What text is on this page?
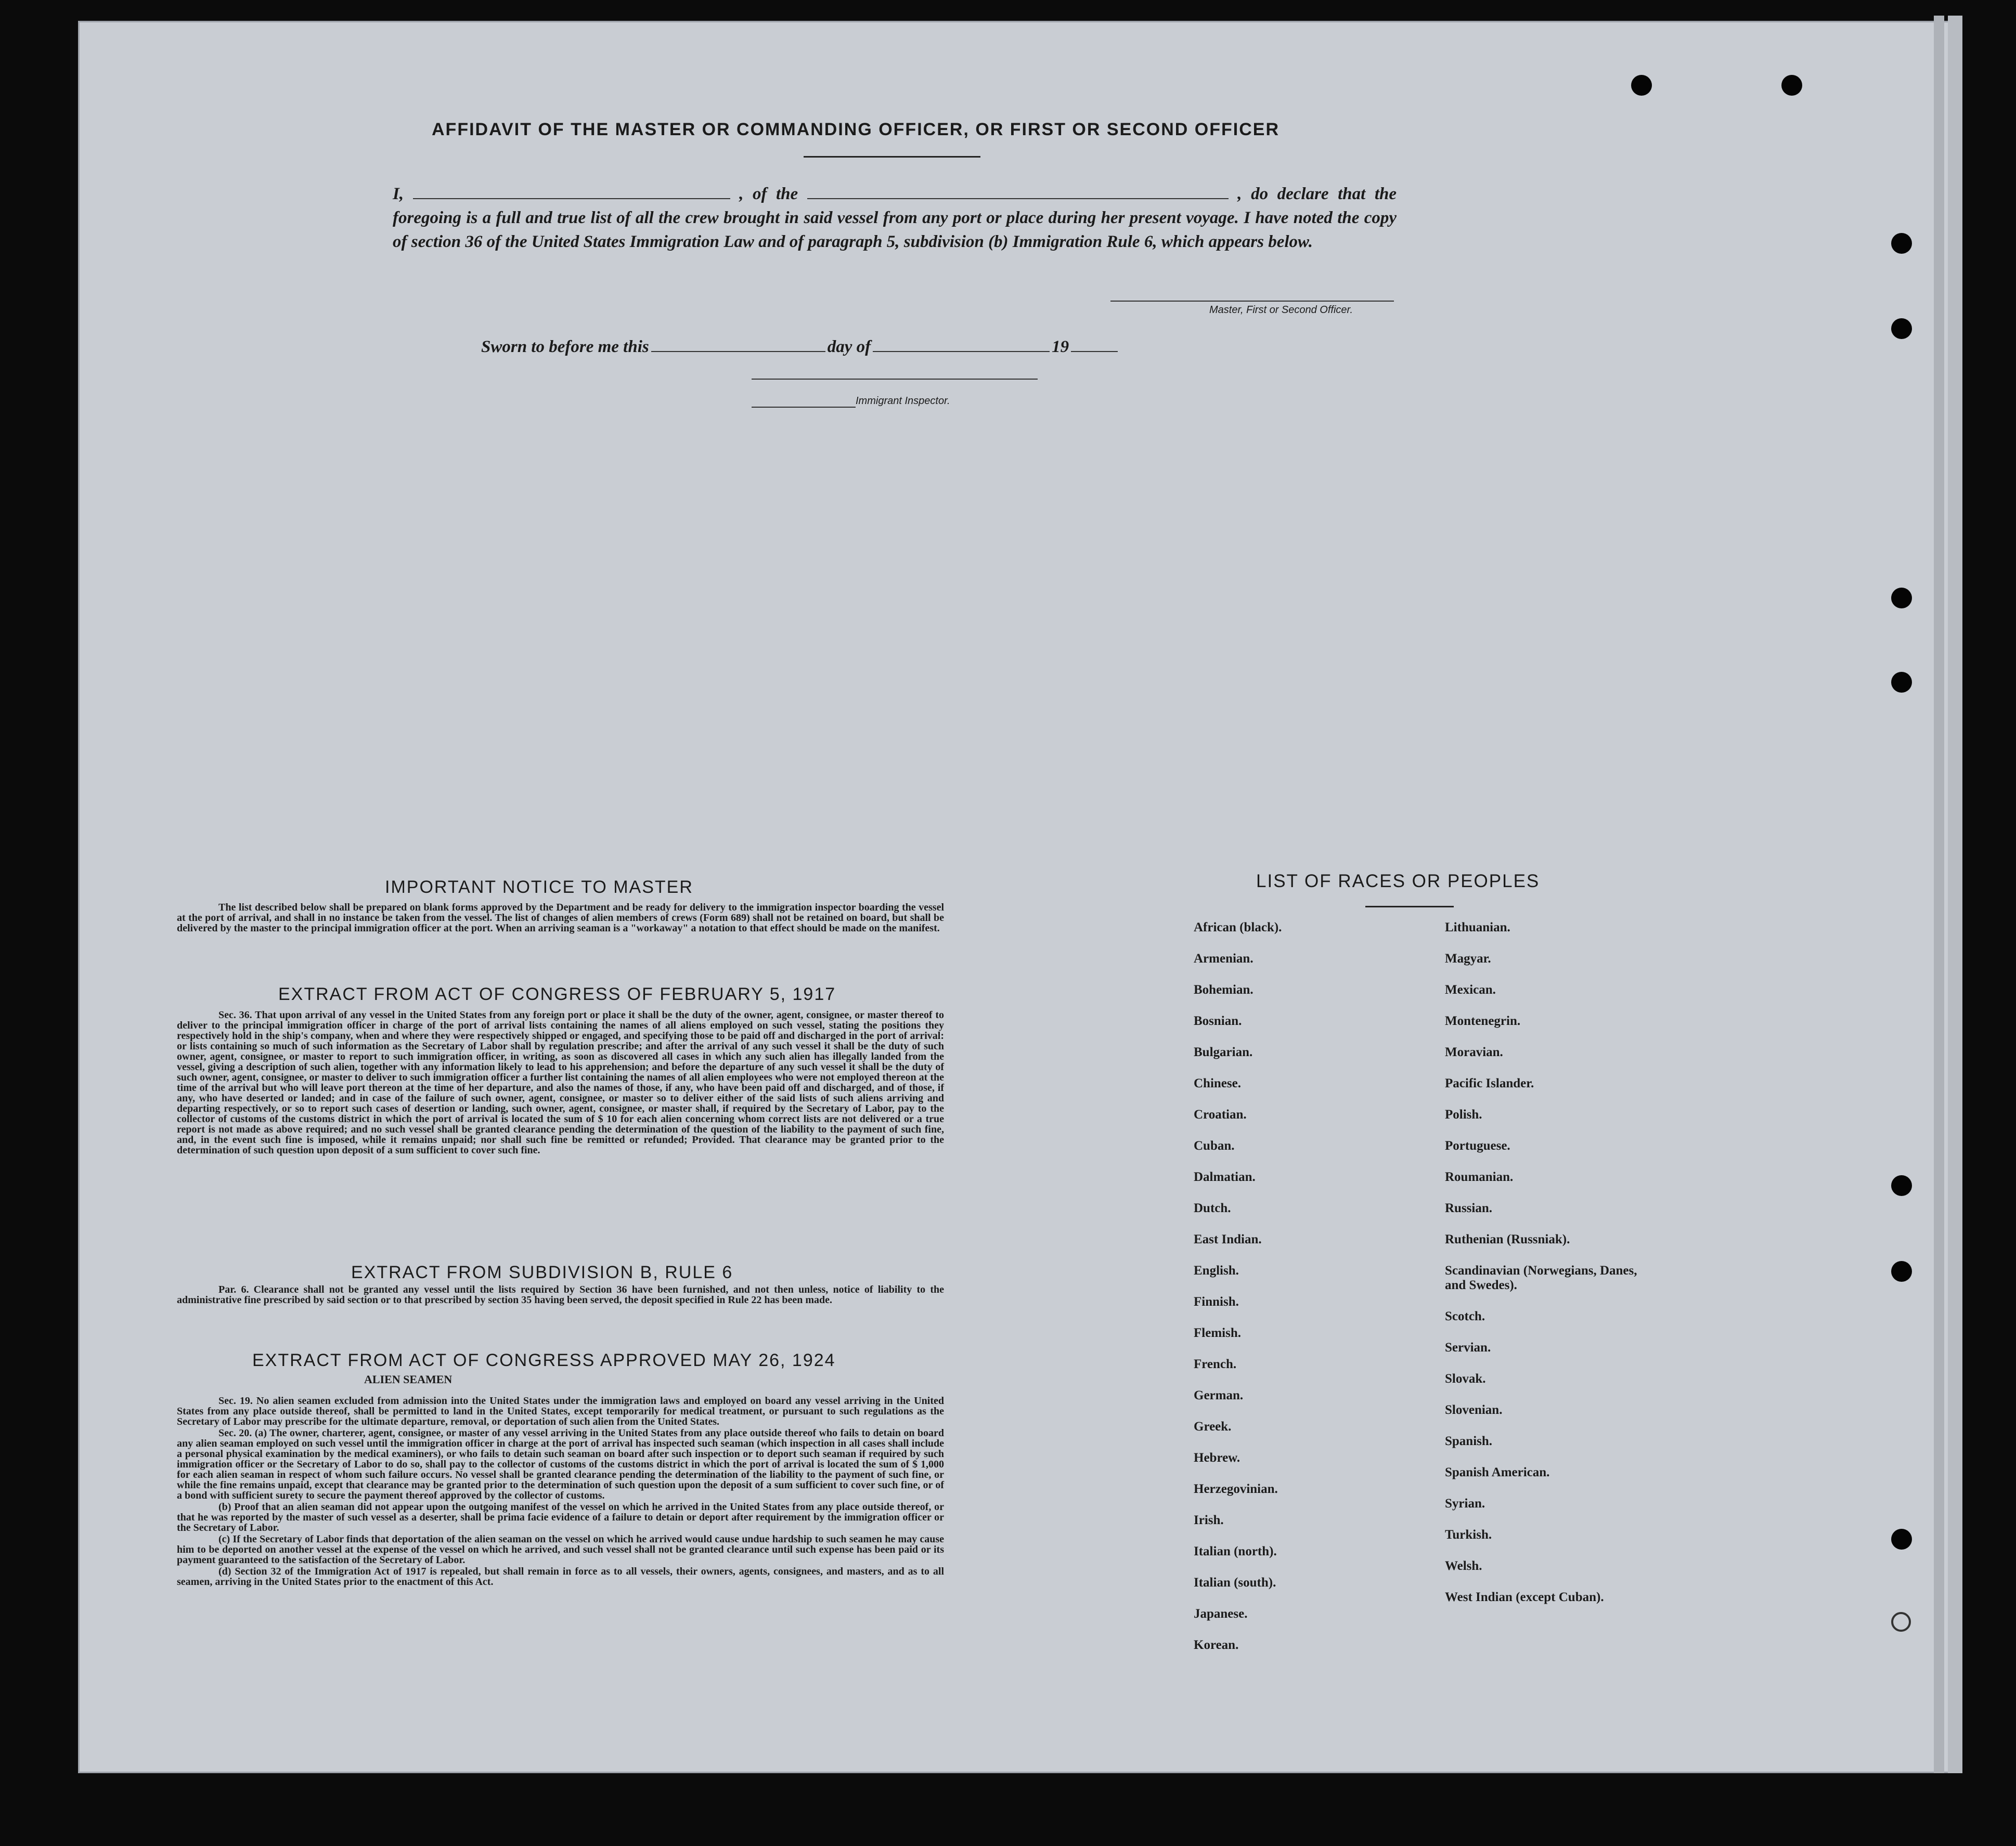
AFFIDAVIT OF THE MASTER OR COMMANDING OFFICER, OR FIRST OR SECOND OFFICER
I,	, of the	, do declare that the foregoing is a full and true list of all the crew brought in said vessel from any port or place during her present voyage. I have noted the copy of section 36 of the United States Immigration Law and of paragraph 5, subdivision (b) Immigration Rule 6, which appears below.
Master, First or Second Officer.
Sworn to before me this	day of	19
Immigrant Inspector.
IMPORTANT NOTICE TO MASTER
The list described below shall be prepared on blank forms approved by the Department and be ready for delivery to the immigration inspector boarding the vessel at the port of arrival, and shall in no instance be taken from the vessel. The list of changes of alien members of crews (Form 689) shall not be retained on board, but shall be delivered by the master to the principal immigration officer at the port. When an arriving seaman is a "workaway" a notation to that effect should be made on the manifest.
EXTRACT FROM ACT OF CONGRESS OF FEBRUARY 5, 1917
Sec. 36. That upon arrival of any vessel in the United States from any foreign port or place it shall be the duty of the owner, agent, consignee, or master thereof to deliver to the principal immigration officer in charge of the port of arrival lists containing the names of all aliens employed on such vessel, stating the positions they respectively hold in the ship's company, when and where they were respectively shipped or engaged, and specifying those to be paid off and discharged in the port of arrival: or lists containing so much of such information as the Secretary of Labor shall by regulation prescribe; and after the arrival of any such vessel it shall be the duty of such owner, agent, consignee, or master to report to such immigration officer, in writing, as soon as discovered all cases in which any such alien has illegally landed from the vessel, giving a description of such alien, together with any information likely to lead to his apprehension; and before the departure of any such vessel it shall be the duty of such owner, agent, consignee, or master to deliver to such immigration officer a further list containing the names of all alien employees who were not employed thereon at the time of the arrival but who will leave port thereon at the time of her departure, and also the names of those, if any, who have been paid off and discharged, and of those, if any, who have deserted or landed; and in case of the failure of such owner, agent, consignee, or master so to deliver either of the said lists of such aliens arriving and departing respectively, or so to report such cases of desertion or landing, such owner, agent, consignee, or master shall, if required by the Secretary of Labor, pay to the collector of customs of the customs district in which the port of arrival is located the sum of $ 10 for each alien concerning whom correct lists are not delivered or a true report is not made as above required; and no such vessel shall be granted clearance pending the determination of the question of the liability to the payment of such fine, and, in the event such fine is imposed, while it remains unpaid; nor shall such fine be remitted or refunded; Provided. That clearance may be granted prior to the determination of such question upon deposit of a sum sufficient to cover such fine.
EXTRACT FROM SUBDIVISION B, RULE 6
Par. 6. Clearance shall not be granted any vessel until the lists required by Section 36 have been furnished, and not then unless, notice of liability to the administrative fine prescribed by said section or to that prescribed by section 35 having been served, the deposit specified in Rule 22 has been made.
EXTRACT FROM ACT OF CONGRESS APPROVED MAY 26, 1924
ALIEN SEAMEN

Sec. 19. No alien seamen excluded from admission into the United States under the immigration laws and employed on board any vessel arriving in the United States from any place outside thereof, shall be permitted to land in the United States, except temporarily for medical treatment, or pursuant to such regulations as the Secretary of Labor may prescribe for the ultimate departure, removal, or deportation of such alien from the United States.

Sec. 20. (a) The owner, charterer, agent, consignee, or master of any vessel arriving in the United States from any place outside thereof who fails to detain on board any alien seaman employed on such vessel until the immigration officer in charge at the port of arrival has inspected such seaman (which inspection in all cases shall include a personal physical examination by the medical examiners), or who fails to detain such seaman on board after such inspection or to deport such seaman if required by such immigration officer or the Secretary of Labor to do so, shall pay to the collector of customs of the customs district in which the port of arrival is located the sum of $ 1,000 for each alien seaman in respect of whom such failure occurs. No vessel shall be granted clearance pending the determination of the liability to the payment of such fine, or while the fine remains unpaid, except that clearance may be granted prior to the determination of such question upon the deposit of a sum sufficient to cover such fine, or of a bond with sufficient surety to secure the payment thereof approved by the collector of customs.

(b) Proof that an alien seaman did not appear upon the outgoing manifest of the vessel on which he arrived in the United States from any place outside thereof, or that he was reported by the master of such vessel as a deserter, shall be prima facie evidence of a failure to detain or deport after requirement by the immigration officer or the Secretary of Labor.

(c) If the Secretary of Labor finds that deportation of the alien seaman on the vessel on which he arrived would cause undue hardship to such seamen he may cause him to be deported on another vessel at the expense of the vessel on which he arrived, and such vessel shall not be granted clearance until such expense has been paid or its payment guaranteed to the satisfaction of the Secretary of Labor.

(d) Section 32 of the Immigration Act of 1917 is repealed, but shall remain in force as to all vessels, their owners, agents, consignees, and masters, and as to all seamen, arriving in the United States prior to the enactment of this Act.

LIST OF RACES OR PEOPLES
African (black).
Armenian.
Bohemian.
Bosnian.
Bulgarian.
Chinese.
Croatian.
Cuban.
Dalmatian.
Dutch.
East Indian.
English.
Finnish.
Flemish.
French.
German.
Greek.
Hebrew.
Herzegovinian.
Irish.
Italian (north).
Italian (south).
Japanese.
Korean.
Lithuanian.
Magyar.
Mexican.
Montenegrin.
Moravian.
Pacific Islander.
Polish.
Portuguese.
Roumanian.
Russian.
Ruthenian (Russniak).
Scandinavian (Norwegians, Danes, and Swedes).
Scotch.
Servian.
Slovak.
Slovenian.
Spanish.
Spanish American.
Syrian.
Turkish.
Welsh.
West Indian (except Cuban).
